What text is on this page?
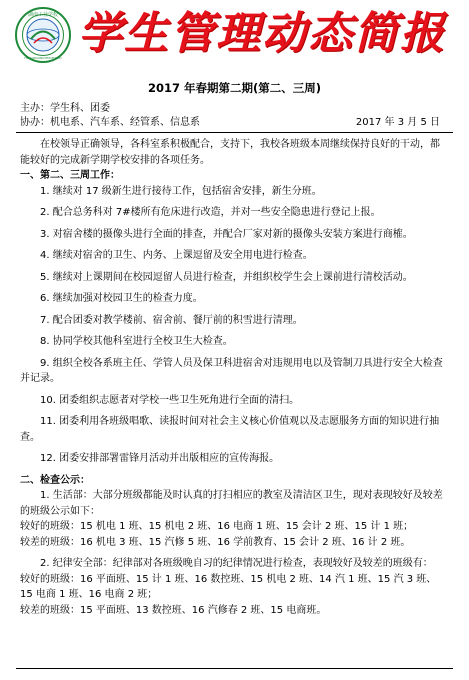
湖南工业学校
HUNANGONGYEXUEXIAO 学生管理动态简报
2017 年春期第二期(第二、三周)
主办：学生科、团委
协办：机电系、汽车系、经管系、信息系	2017 年 3 月 5 日

在校领导正确领导，各科室系积极配合，支持下，我校各班级本周继续保持良好的干动，都能较好的完成新学期学校安排的各项任务。

一、第二、三周工作：

1. 继续对 17 级新生进行接待工作，包括宿舍安排，新生分班。

2. 配合总务科对 7#楼所有危床进行改造，并对一些安全隐患进行登记上报。

3. 对宿舍楼的摄像头进行全面的排查，并配合厂家对新的摄像头安装方案进行商榷。

4. 继续对宿舍的卫生、内务、上课逗留及安全用电进行检查。

5. 继续对上课期间在校园逗留人员进行检查，并组织校学生会上课前进行清校活动。

6. 继续加强对校园卫生的检查力度。

7. 配合团委对教学楼前、宿舍前、餐厅前的积雪进行清理。

8. 协同学校其他科室进行全校卫生大检查。

9. 组织全校各系班主任、学管人员及保卫科进宿舍对违规用电以及管制刀具进行安全大检查并记录。

10. 团委组织志愿者对学校一些卫生死角进行全面的清扫。

11. 团委利用各班级唱歌、读报时间对社会主义核心价值观以及志愿服务方面的知识进行抽查。

12. 团委安排部署雷锋月活动并出版相应的宣传海报。

二、检查公示：

1. 生活部：大部分班级都能及时认真的打扫相应的教室及清洁区卫生，现对表现较好及较差的班级公示如下：

较好的班级：15 机电 1 班、15 机电 2 班、16 电商 1 班、15 会计 2 班、15 计 1 班；

较差的班级：16 机电 3 班、15 汽修 5 班、16 学前教育、15 会计 2 班、16 计 2 班。

2. 纪律安全部：纪律部对各班级晚自习的纪律情况进行检查，表现较好及较差的班级有：

较好的班级：16 平面班、15 计 1 班、16 数控班、15 机电 2 班、14 汽 1 班、15 汽 3 班、15 电商 1 班、16 电商 2 班；

较差的班级：15 平面班、13 数控班、16 汽修春 2 班、15 电商班。
